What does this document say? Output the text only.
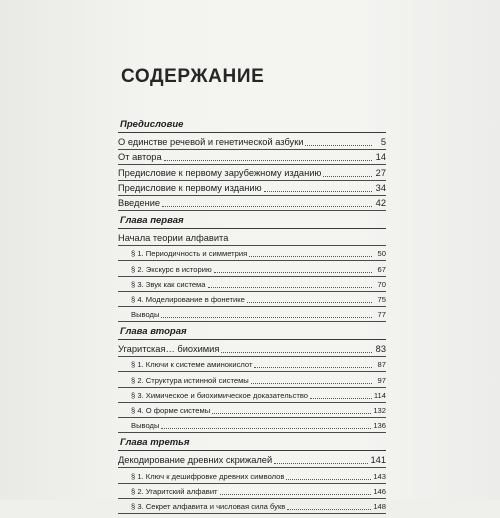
СОДЕРЖАНИЕ
Предисловие
О единстве речевой и генетической азбуки	5
От автора	14
Предисловие к первому зарубежному изданию	27
Предисловие к первому изданию	34
Введение	42
Глава первая
Начала теории алфавита
§ 1. Периодичность и симметрия	50
§ 2. Экскурс в историю	67
§ 3. Звук как система	70
§ 4. Моделирование в фонетике	75
Выводы	77
Глава вторая
Угаритская… биохимия	83
§ 1. Ключи к системе аминокислот	87
§ 2. Структура истинной системы	97
§ 3. Химическое и биохимическое доказательство	114
§ 4. О форме системы	132
Выводы	136
Глава третья
Декодирование древних скрижалей	141
§ 1. Ключ к дешифровке древних символов	143
§ 2. Угаритский алфавит	146
§ 3. Секрет алфавита и числовая сила букв	148
